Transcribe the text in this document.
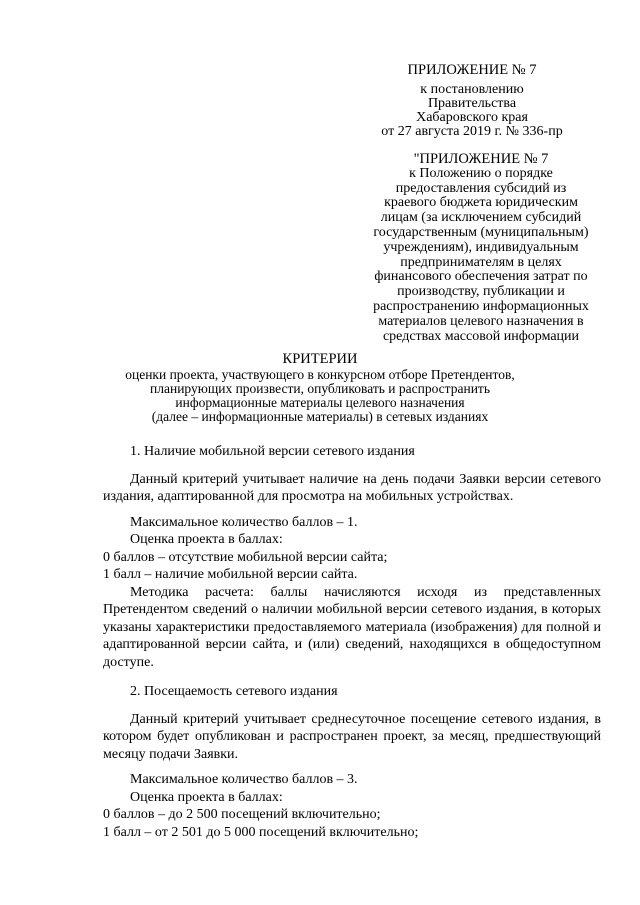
ПРИЛОЖЕНИЕ № 7
к постановлению
Правительства
Хабаровского края
от 27 августа 2019 г. № 336-пр
"ПРИЛОЖЕНИЕ № 7
к Положению о порядке
предоставления субсидий из
краевого бюджета юридическим
лицам (за исключением субсидий
государственным (муниципальным)
учреждениям), индивидуальным
предпринимателям в целях
финансового обеспечения затрат по
производству, публикации и
распространению информационных
материалов целевого назначения в
средствах массовой информации
КРИТЕРИИ
оценки проекта, участвующего в конкурсном отборе Претендентов,
планирующих произвести, опубликовать и распространить
информационные материалы целевого назначения
(далее – информационные материалы) в сетевых изданиях
1. Наличие мобильной версии сетевого издания

Данный критерий учитывает наличие на день подачи Заявки версии сетевого издания, адаптированной для просмотра на мобильных устройствах.

Максимальное количество баллов – 1.
Оценка проекта в баллах:
0 баллов – отсутствие мобильной версии сайта;
1 балл – наличие мобильной версии сайта.

Методика расчета: баллы начисляются исходя из представленных Претендентом сведений о наличии мобильной версии сетевого издания, в которых указаны характеристики предоставляемого материала (изображения) для полной и адаптированной версии сайта, и (или) сведений, находящихся в общедоступном доступе.

2. Посещаемость сетевого издания

Данный критерий учитывает среднесуточное посещение сетевого издания, в котором будет опубликован и распространен проект, за месяц, предшествующий месяцу подачи Заявки.

Максимальное количество баллов – 3.
Оценка проекта в баллах:
0 баллов – до 2 500 посещений включительно;
1 балл – от 2 501 до 5 000 посещений включительно;
